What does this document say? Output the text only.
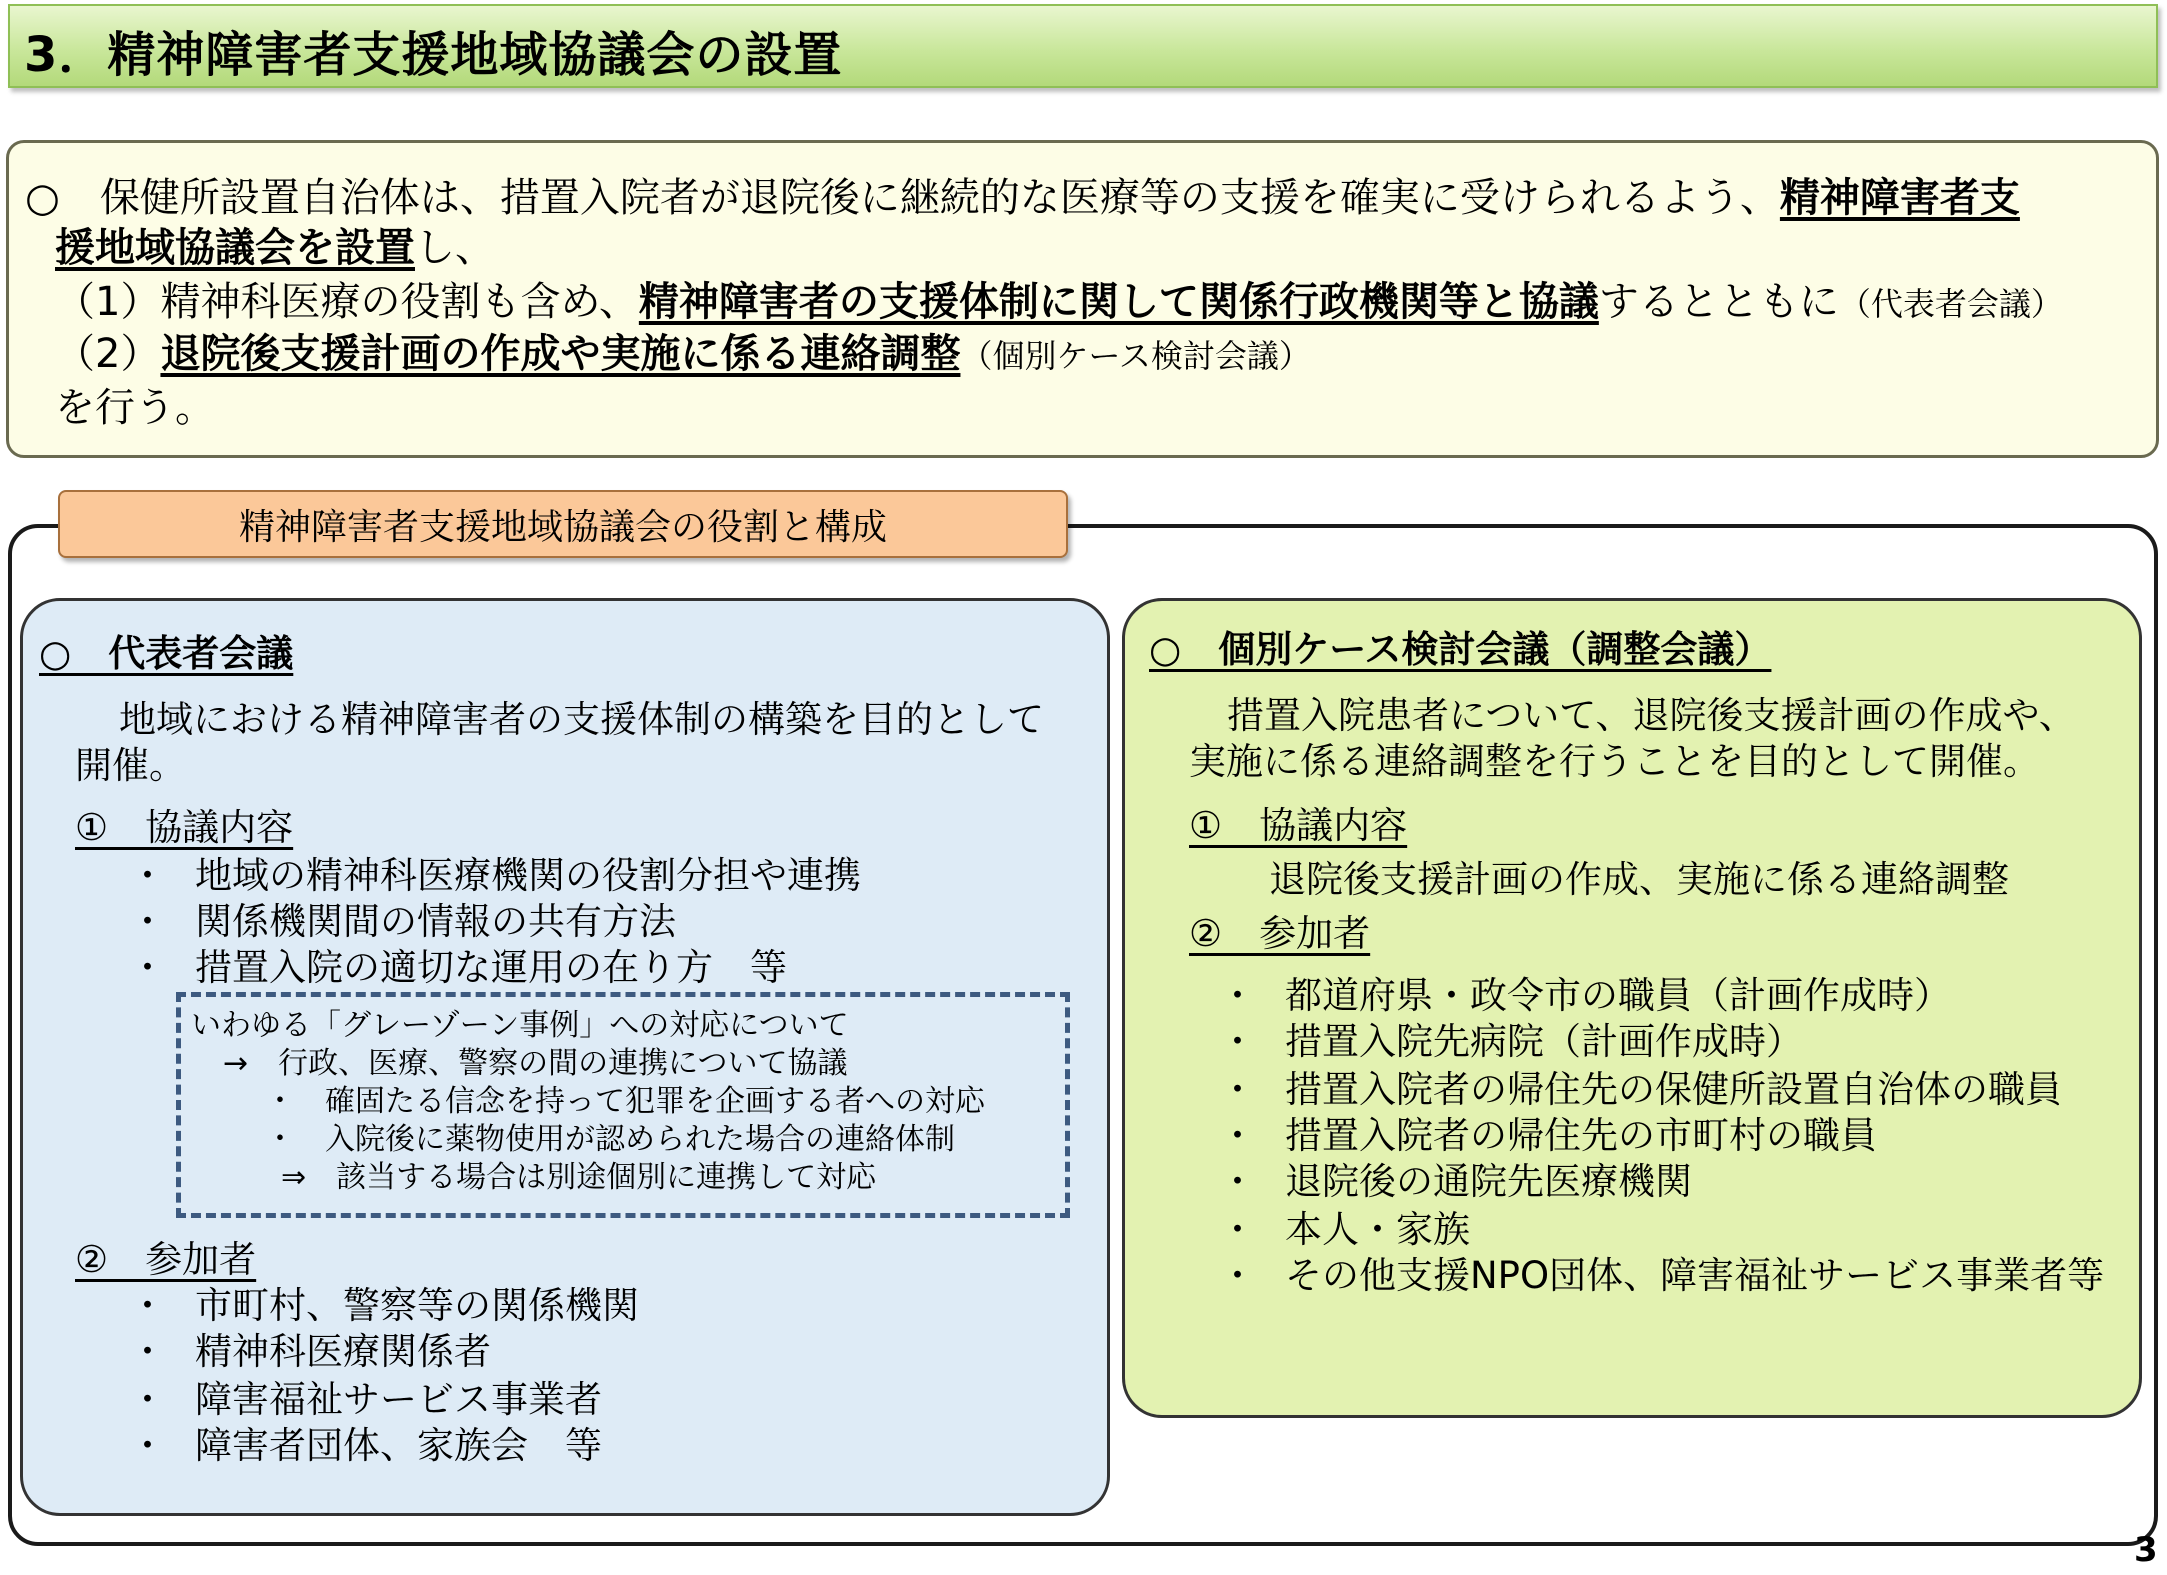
3．精神障害者支援地域協議会の設置
○　保健所設置自治体は、措置入院者が退院後に継続的な医療等の支援を確実に受けられるよう、精神障害者支
援地域協議会を設置し、
（1）精神科医療の役割も含め、精神障害者の支援体制に関して関係行政機関等と協議するとともに（代表者会議）
（2）退院後支援計画の作成や実施に係る連絡調整（個別ケース検討会議）
を行う。
精神障害者支援地域協議会の役割と構成
○　代表者会議
地域における精神障害者の支援体制の構築を目的として
開催。
①　協議内容
・ 地域の精神科医療機関の役割分担や連携
・ 関係機関間の情報の共有方法
・ 措置入院の適切な運用の在り方　等
②　参加者
・ 市町村、警察等の関係機関
・ 精神科医療関係者
・ 障害福祉サービス事業者
・ 障害者団体、家族会　等
いわゆる「グレーゾーン事例」への対応について
→　行政、医療、警察の間の連携について協議
・　確固たる信念を持って犯罪を企画する者への対応
・　入院後に薬物使用が認められた場合の連絡体制
⇒　該当する場合は別途個別に連携して対応
○　個別ケース検討会議（調整会議）
措置入院患者について、退院後支援計画の作成や、
実施に係る連絡調整を行うことを目的として開催。
①　協議内容
退院後支援計画の作成、実施に係る連絡調整
②　参加者
・ 都道府県・政令市の職員（計画作成時）
・ 措置入院先病院（計画作成時）
・ 措置入院者の帰住先の保健所設置自治体の職員
・ 措置入院者の帰住先の市町村の職員
・ 退院後の通院先医療機関
・ 本人・家族
・ その他支援NPO団体、障害福祉サービス事業者等
3
